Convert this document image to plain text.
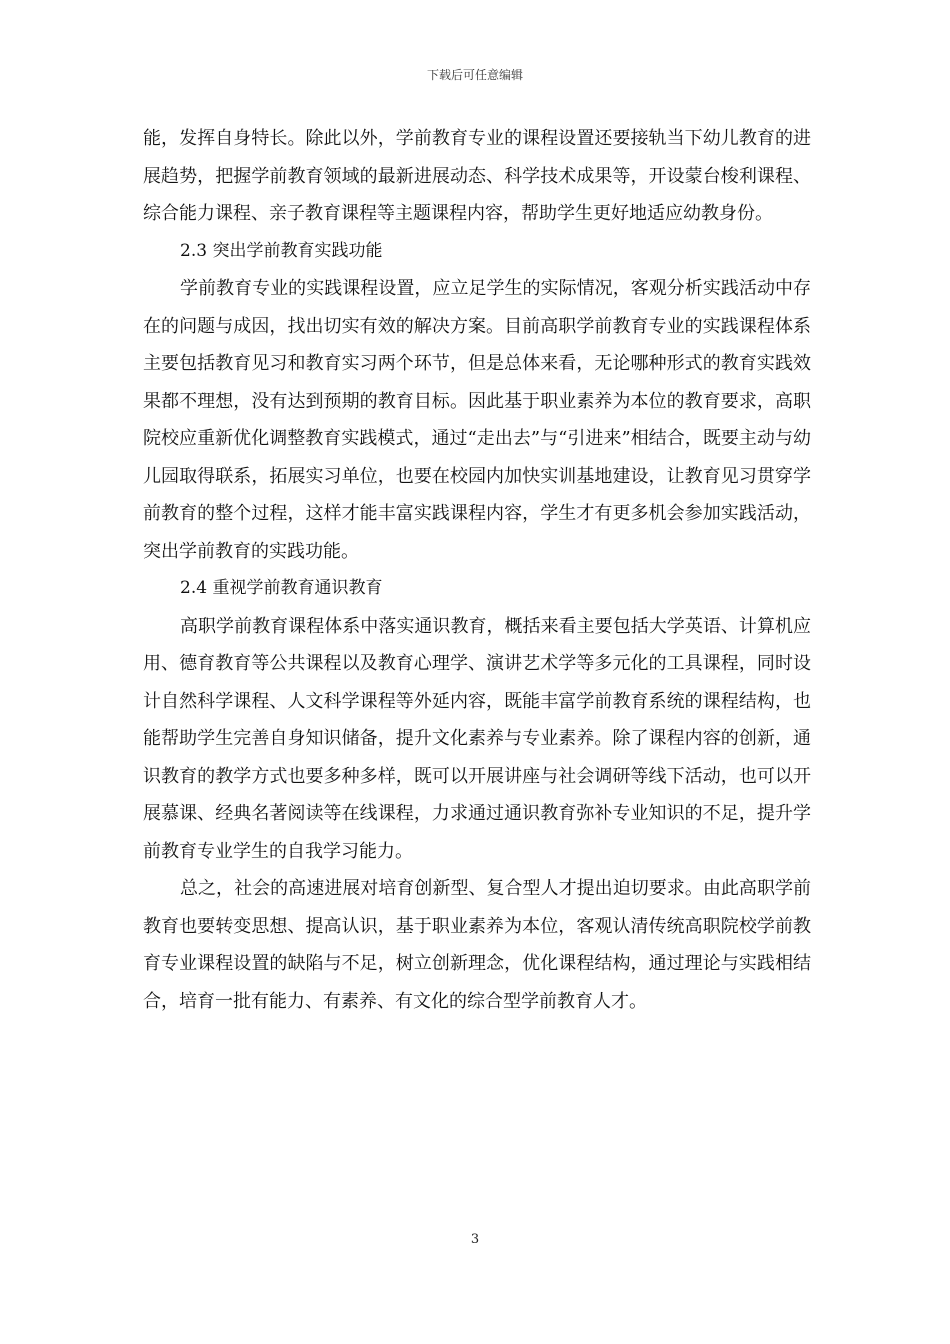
下载后可任意编辑

能，发挥自身特长。除此以外，学前教育专业的课程设置还要接轨当下幼儿教育的进展趋势，把握学前教育领域的最新进展动态、科学技术成果等，开设蒙台梭利课程、综合能力课程、亲子教育课程等主题课程内容，帮助学生更好地适应幼教身份。

2.3 突出学前教育实践功能

学前教育专业的实践课程设置，应立足学生的实际情况，客观分析实践活动中存在的问题与成因，找出切实有效的解决方案。目前高职学前教育专业的实践课程体系主要包括教育见习和教育实习两个环节，但是总体来看，无论哪种形式的教育实践效果都不理想，没有达到预期的教育目标。因此基于职业素养为本位的教育要求，高职院校应重新优化调整教育实践模式，通过“走出去”与“引进来”相结合，既要主动与幼儿园取得联系，拓展实习单位，也要在校园内加快实训基地建设，让教育见习贯穿学前教育的整个过程，这样才能丰富实践课程内容，学生才有更多机会参加实践活动，突出学前教育的实践功能。

2.4 重视学前教育通识教育

高职学前教育课程体系中落实通识教育，概括来看主要包括大学英语、计算机应用、德育教育等公共课程以及教育心理学、演讲艺术学等多元化的工具课程，同时设计自然科学课程、人文科学课程等外延内容，既能丰富学前教育系统的课程结构，也能帮助学生完善自身知识储备，提升文化素养与专业素养。除了课程内容的创新，通识教育的教学方式也要多种多样，既可以开展讲座与社会调研等线下活动，也可以开展慕课、经典名著阅读等在线课程，力求通过通识教育弥补专业知识的不足，提升学前教育专业学生的自我学习能力。

总之，社会的高速进展对培育创新型、复合型人才提出迫切要求。由此高职学前教育也要转变思想、提高认识，基于职业素养为本位，客观认清传统高职院校学前教育专业课程设置的缺陷与不足，树立创新理念，优化课程结构，通过理论与实践相结合，培育一批有能力、有素养、有文化的综合型学前教育人才。

3
